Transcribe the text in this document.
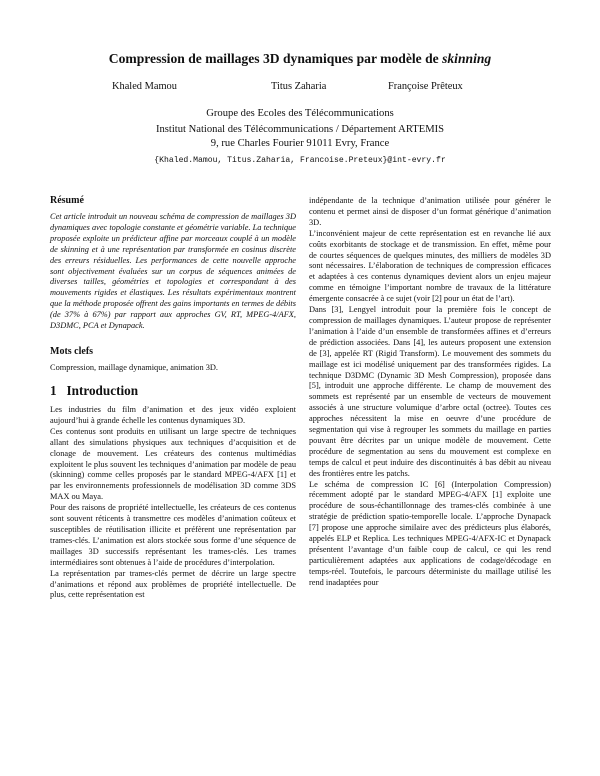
Compression de maillages 3D dynamiques par modèle de skinning
Khaled Mamou	Titus Zaharia	Françoise Prêteux
Groupe des Ecoles des Télécommunications
Institut National des Télécommunications / Département ARTEMIS
9, rue Charles Fourier 91011 Evry, France
{Khaled.Mamou, Titus.Zaharia, Francoise.Preteux}@int-evry.fr
Résumé

Cet article introduit un nouveau schéma de compression de maillages 3D dynamiques avec topologie constante et géométrie variable. La technique proposée exploite un prédicteur affine par morceaux couplé à un modèle de skinning et à une représentation par transformée en cosinus discrète des erreurs résiduelles. Les performances de cette nouvelle approche sont objectivement évaluées sur un corpus de séquences animées de diverses tailles, géométries et topologies et correspondant à des mouvements rigides et élastiques. Les résultats expérimentaux montrent que la méthode proposée offrent des gains importants en termes de débits (de 37% à 67%) par rapport aux approches GV, RT, MPEG-4/AFX, D3DMC, PCA et Dynapack.

Mots clefs

Compression, maillage dynamique, animation 3D.

1 Introduction

Les industries du film d’animation et des jeux vidéo exploient aujourd’hui à grande échelle les contenus dynamiques 3D.

Ces contenus sont produits en utilisant un large spectre de techniques allant des simulations physiques aux techniques d’acquisition et de clonage de mouvement. Les créateurs des contenus multimédias exploitent le plus souvent les techniques d’animation par modèle de peau (skinning) comme celles proposés par le standard MPEG-4/AFX [1] et par les environnements professionnels de modélisation 3D comme 3DS MAX ou Maya.

Pour des raisons de propriété intellectuelle, les créateurs de ces contenus sont souvent réticents à transmettre ces modèles d’animation coûteux et susceptibles de réutilisation illicite et préfèrent une représentation par trames-clés. L’animation est alors stockée sous forme d’une séquence de maillages 3D successifs représentant les trames-clés. Les trames intermédiaires sont obtenues à l’aide de procédures d’interpolation.

La représentation par trames-clés permet de décrire un large spectre d’animations et répond aux problèmes de propriété intellectuelle. De plus, cette représentation est

indépendante de la technique d’animation utilisée pour générer le contenu et permet ainsi de disposer d’un format générique d’animation 3D.

L’inconvénient majeur de cette représentation est en revanche lié aux coûts exorbitants de stockage et de transmission. En effet, même pour de courtes séquences de quelques minutes, des milliers de modèles 3D sont nécessaires. L’élaboration de techniques de compression efficaces et adaptées à ces contenus dynamiques devient alors un enjeu majeur comme en témoigne l’important nombre de travaux de la littérature émergente consacrée à ce sujet (voir [2] pour un état de l’art).

Dans [3], Lengyel introduit pour la première fois le concept de compression de maillages dynamiques. L’auteur propose de représenter l’animation à l’aide d’un ensemble de transformées affines et d’erreurs de prédiction associées. Dans [4], les auteurs proposent une extension de [3], appelée RT (Rigid Transform). Le mouvement des sommets du maillage est ici modélisé uniquement par des transformées rigides. La technique D3DMC (Dynamic 3D Mesh Compression), proposée dans [5], introduit une approche différente. Le champ de mouvement des sommets est représenté par un ensemble de vecteurs de mouvement associés à une structure volumique d’arbre octal (octree). Toutes ces approches nécessitent la mise en oeuvre d’une procédure de segmentation qui vise à regrouper les sommets du maillage en parties pouvant être décrites par un unique modèle de mouvement. Cette procédure de segmentation au sens du mouvement est complexe en temps de calcul et peut induire des discontinuités à bas débit au niveau des frontières entre les patchs.

Le schéma de compression IC [6] (Interpolation Compression) récemment adopté par le standard MPEG-4/AFX [1] exploite une procédure de sous-échantillonnage des trames-clés combinée à une stratégie de prédiction spatio-temporelle locale. L’approche Dynapack [7] propose une approche similaire avec des prédicteurs plus élaborés, appelés ELP et Replica. Les techniques MPEG-4/AFX-IC et Dynapack présentent l’avantage d’un faible coup de calcul, ce qui les rend particulièrement adaptées aux applications de codage/décodage en temps-réel. Toutefois, le parcours déterministe du maillage utilisé les rend inadaptées pour
